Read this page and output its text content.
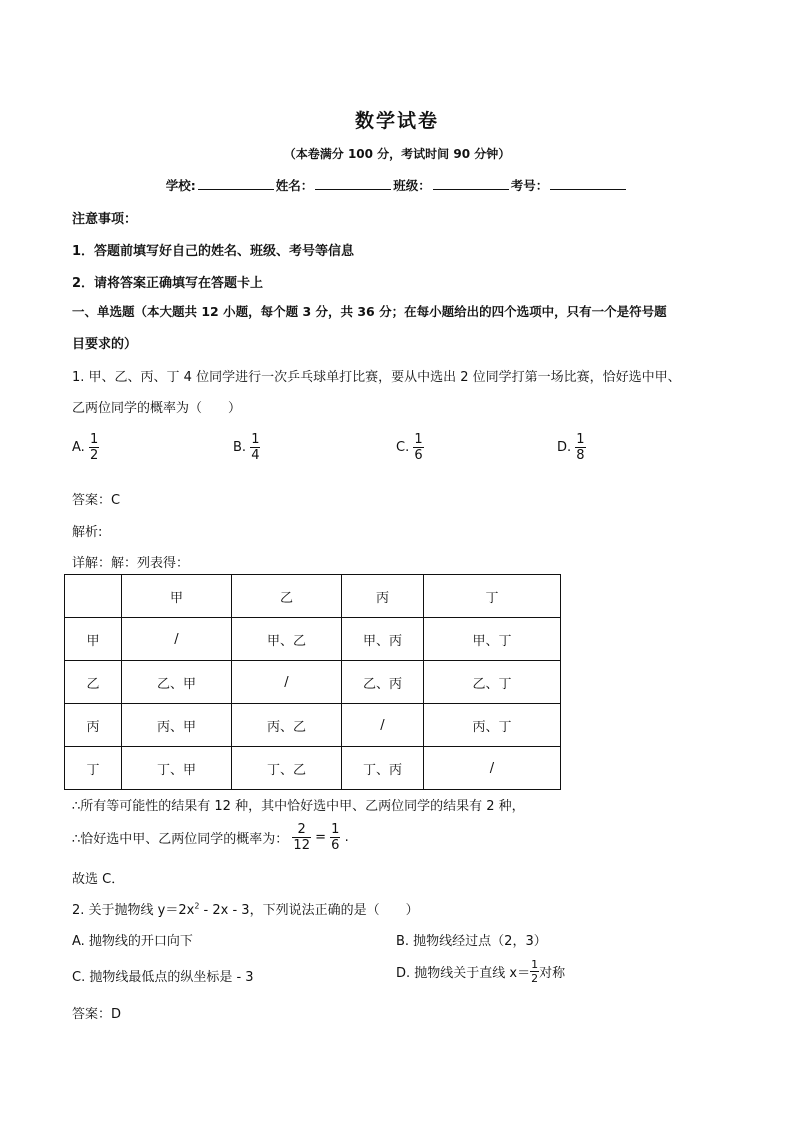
数学试卷
（本卷满分 100 分，考试时间 90 分钟）
学校:	姓名：	班级：	考号：
注意事项：
1．答题前填写好自己的姓名、班级、考号等信息
2．请将答案正确填写在答题卡上
一、单选题（本大题共 12 小题，每个题 3 分，共 36 分；在每小题给出的四个选项中，只有一个是符号题
目要求的）
1. 甲、乙、丙、丁 4 位同学进行一次乒乓球单打比赛，要从中选出 2 位同学打第一场比赛，恰好选中甲、
乙两位同学的概率为（　　）
A. $\frac{1}{2}$	B. $\frac{1}{4}$	C. $\frac{1}{6}$	D. $\frac{1}{8}$
答案：C
解析:
详解：解：列表得：
	甲	乙	丙	丁
甲	/	甲、乙	甲、丙	甲、丁
乙	乙、甲	/	乙、丙	乙、丁
丙	丙、甲	丙、乙	/	丙、丁
丁	丁、甲	丁、乙	丁、丙	/
∴所有等可能性的结果有 12 种，其中恰好选中甲、乙两位同学的结果有 2 种，
∴恰好选中甲、乙两位同学的概率为： $\frac{2}{12} = \frac{1}{6}$ .
故选 C．
2. 关于抛物线 $y=2x^2 - 2x - 3$，下列说法正确的是（　　）
A. 抛物线的开口向下	B. 抛物线经过点（2，3）
C. 抛物线最低点的纵坐标是 - 3	D. 抛物线关于直线 $x= \frac{1}{2}$ 对称
答案：D
